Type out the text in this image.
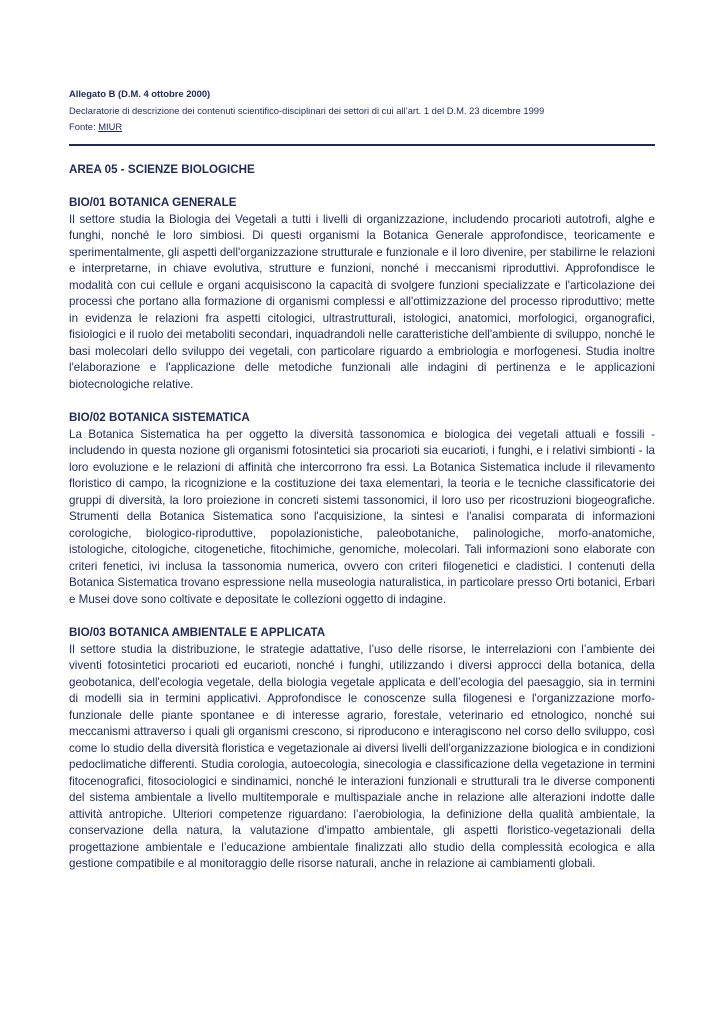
Allegato B (D.M. 4 ottobre 2000)
Declaratorie di descrizione dei contenuti scientifico-disciplinari dei settori di cui all’art. 1 del D.M. 23 dicembre 1999
Fonte: MIUR
AREA 05 - SCIENZE BIOLOGICHE
BIO/01 BOTANICA GENERALE
Il settore studia la Biologia dei Vegetali a tutti i livelli di organizzazione, includendo procarioti autotrofi, alghe e funghi, nonché le loro simbiosi. Di questi organismi la Botanica Generale approfondisce, teoricamente e sperimentalmente, gli aspetti dell'organizzazione strutturale e funzionale e il loro divenire, per stabilirne le relazioni e interpretarne, in chiave evolutiva, strutture e funzioni, nonché i meccanismi riproduttivi. Approfondisce le modalità con cui cellule e organi acquisiscono la capacità di svolgere funzioni specializzate e l'articolazione dei processi che portano alla formazione di organismi complessi e all'ottimizzazione del processo riproduttivo; mette in evidenza le relazioni fra aspetti citologici, ultrastrutturali, istologici, anatomici, morfologici, organografici, fisiologici e il ruolo dei metaboliti secondari, inquadrandoli nelle caratteristiche dell'ambiente di sviluppo, nonché le basi molecolari dello sviluppo dei vegetali, con particolare riguardo a embriologia e morfogenesi. Studia inoltre l'elaborazione e l'applicazione delle metodiche funzionali alle indagini di pertinenza e le applicazioni biotecnologiche relative.
BIO/02 BOTANICA SISTEMATICA
La Botanica Sistematica ha per oggetto la diversità tassonomica e biologica dei vegetali attuali e fossili - includendo in questa nozione gli organismi fotosintetici sia procarioti sia eucarioti, i funghi, e i relativi simbionti - la loro evoluzione e le relazioni di affinità che intercorrono fra essi. La Botanica Sistematica include il rilevamento floristico di campo, la ricognizione e la costituzione dei taxa elementari, la teoria e le tecniche classificatorie dei gruppi di diversità, la loro proiezione in concreti sistemi tassonomici, il loro uso per ricostruzioni biogeografiche. Strumenti della Botanica Sistematica sono l'acquisizione, la sintesi e l'analisi comparata di informazioni corologiche, biologico-riproduttive, popolazionistiche, paleobotaniche, palinologiche, morfo-anatomiche, istologiche, citologiche, citogenetiche, fitochimiche, genomiche, molecolari. Tali informazioni sono elaborate con criteri fenetici, ivi inclusa la tassonomia numerica, ovvero con criteri filogenetici e cladistici. I contenuti della Botanica Sistematica trovano espressione nella museologia naturalistica, in particolare presso Orti botanici, Erbari e Musei dove sono coltivate e depositate le collezioni oggetto di indagine.
BIO/03 BOTANICA AMBIENTALE E APPLICATA
Il settore studia la distribuzione, le strategie adattative, l’uso delle risorse, le interrelazioni con l’ambiente dei viventi fotosintetici procarioti ed eucarioti, nonché i funghi, utilizzando i diversi approcci della botanica, della geobotanica, dell'ecologia vegetale, della biologia vegetale applicata e dell’ecologia del paesaggio, sia in termini di modelli sia in termini applicativi. Approfondisce le conoscenze sulla filogenesi e l'organizzazione morfo-funzionale delle piante spontanee e di interesse agrario, forestale, veterinario ed etnologico, nonché sui meccanismi attraverso i quali gli organismi crescono, si riproducono e interagiscono nel corso dello sviluppo, così come lo studio della diversità floristica e vegetazionale ai diversi livelli dell'organizzazione biologica e in condizioni pedoclimatiche differenti. Studia corologia, autoecologia, sinecologia e classificazione della vegetazione in termini fitocenografici, fitosociologici e sindinamici, nonché le interazioni funzionali e strutturali tra le diverse componenti del sistema ambientale a livello multitemporale e multispaziale anche in relazione alle alterazioni indotte dalle attività antropiche. Ulteriori competenze riguardano: l’aerobiologia, la definizione della qualità ambientale, la conservazione della natura, la valutazione d'impatto ambientale, gli aspetti floristico-vegetazionali della progettazione ambientale e l’educazione ambientale finalizzati allo studio della complessità ecologica e alla gestione compatibile e al monitoraggio delle risorse naturali, anche in relazione ai cambiamenti globali.
